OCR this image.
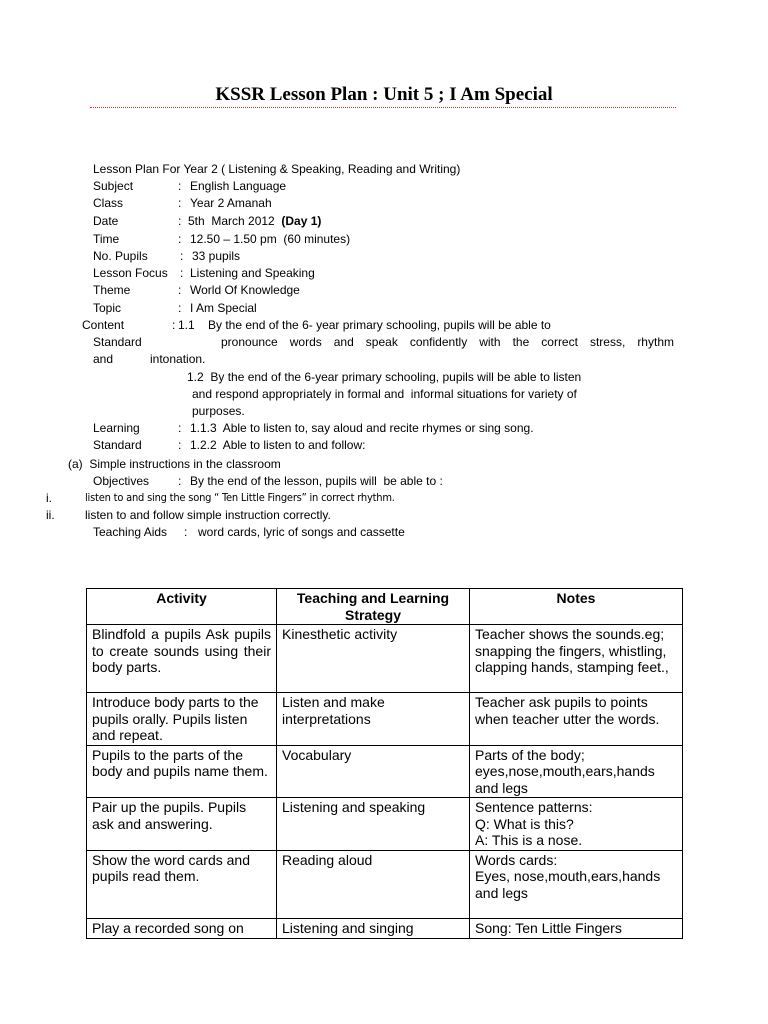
KSSR Lesson Plan : Unit 5 ; I Am Special
Lesson Plan For Year 2 ( Listening & Speaking, Reading and Writing)
Subject	: English Language
Class	: Year 2 Amanah
Date	: 5th  March 2012 (Day 1)
Time	: 12.50 – 1.50 pm  (60 minutes)
No. Pupils	: 33 pupils
Lesson Focus : Listening and Speaking
Theme	: World Of Knowledge
Topic	: I Am Special
Content	: 1.1 By the end of the 6- year primary schooling, pupils will be able to
Standard	pronounce words and speak confidently with the correct stress, rhythm
and	intonation.
1.2  By the end of the 6-year primary schooling, pupils will be able to listen
and respond appropriately in formal and  informal situations for variety of
purposes.
Learning	: 1.1.3  Able to listen to, say aloud and recite rhymes or sing song.
Standard	: 1.2.2  Able to listen to and follow:
(a)  Simple instructions in the classroom
Objectives : By the end of the lesson, pupils will  be able to :
i.	listen to and sing the song “ Ten Little Fingers” in correct rhythm.
ii.	listen to and follow simple instruction correctly.
Teaching Aids : word cards, lyric of songs and cassette
Activity	Teaching and Learning Strategy	Notes
Blindfold a pupils Ask pupils to create sounds using their body parts.	Kinesthetic activity	Teacher shows the sounds.eg; snapping the fingers, whistling, clapping hands, stamping feet.,
Introduce body parts to the pupils orally. Pupils listen and repeat.	Listen and make interpretations	Teacher ask pupils to points when teacher utter the words.
Pupils to the parts of the body and pupils name them.	Vocabulary	Parts of the body; eyes,nose,mouth,ears,hands and legs
Pair up the pupils. Pupils ask and answering.	Listening and speaking	Sentence patterns:
Q: What is this?
A: This is a nose.

Show the word cards and pupils read them.	Reading aloud	Words cards:
Eyes, nose,mouth,ears,hands and legs

Play a recorded song on	Listening and singing	Song: Ten Little Fingers
